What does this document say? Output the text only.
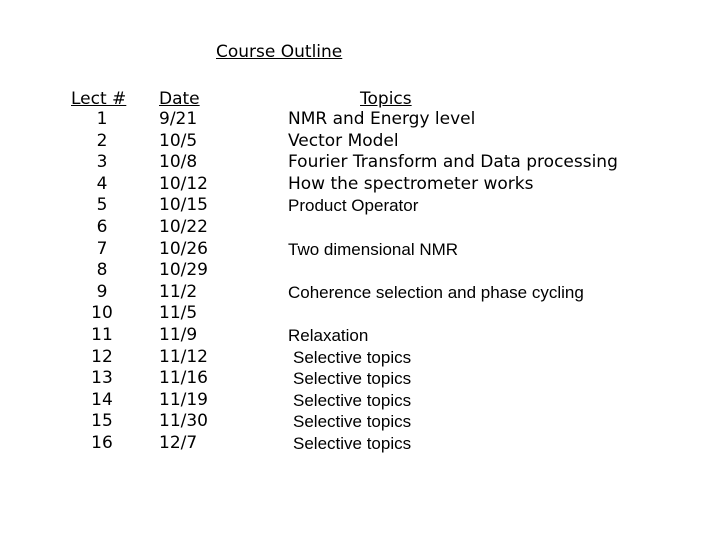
Course Outline
Lect # Date	Topics
1
2
3
4
5
6
7
8
9
10
11
12
13
14
15
16
9/21
10/5
10/8
10/12
10/15
10/22
10/26
10/29
11/2
11/5
11/9
11/12
11/16
11/19
11/30
12/7
NMR and Energy level
Vector Model
Fourier Transform and Data processing
How the spectrometer works
Product Operator
Two dimensional NMR
Coherence selection and phase cycling
Relaxation
Selective topics
Selective topics
Selective topics
Selective topics
Selective topics
